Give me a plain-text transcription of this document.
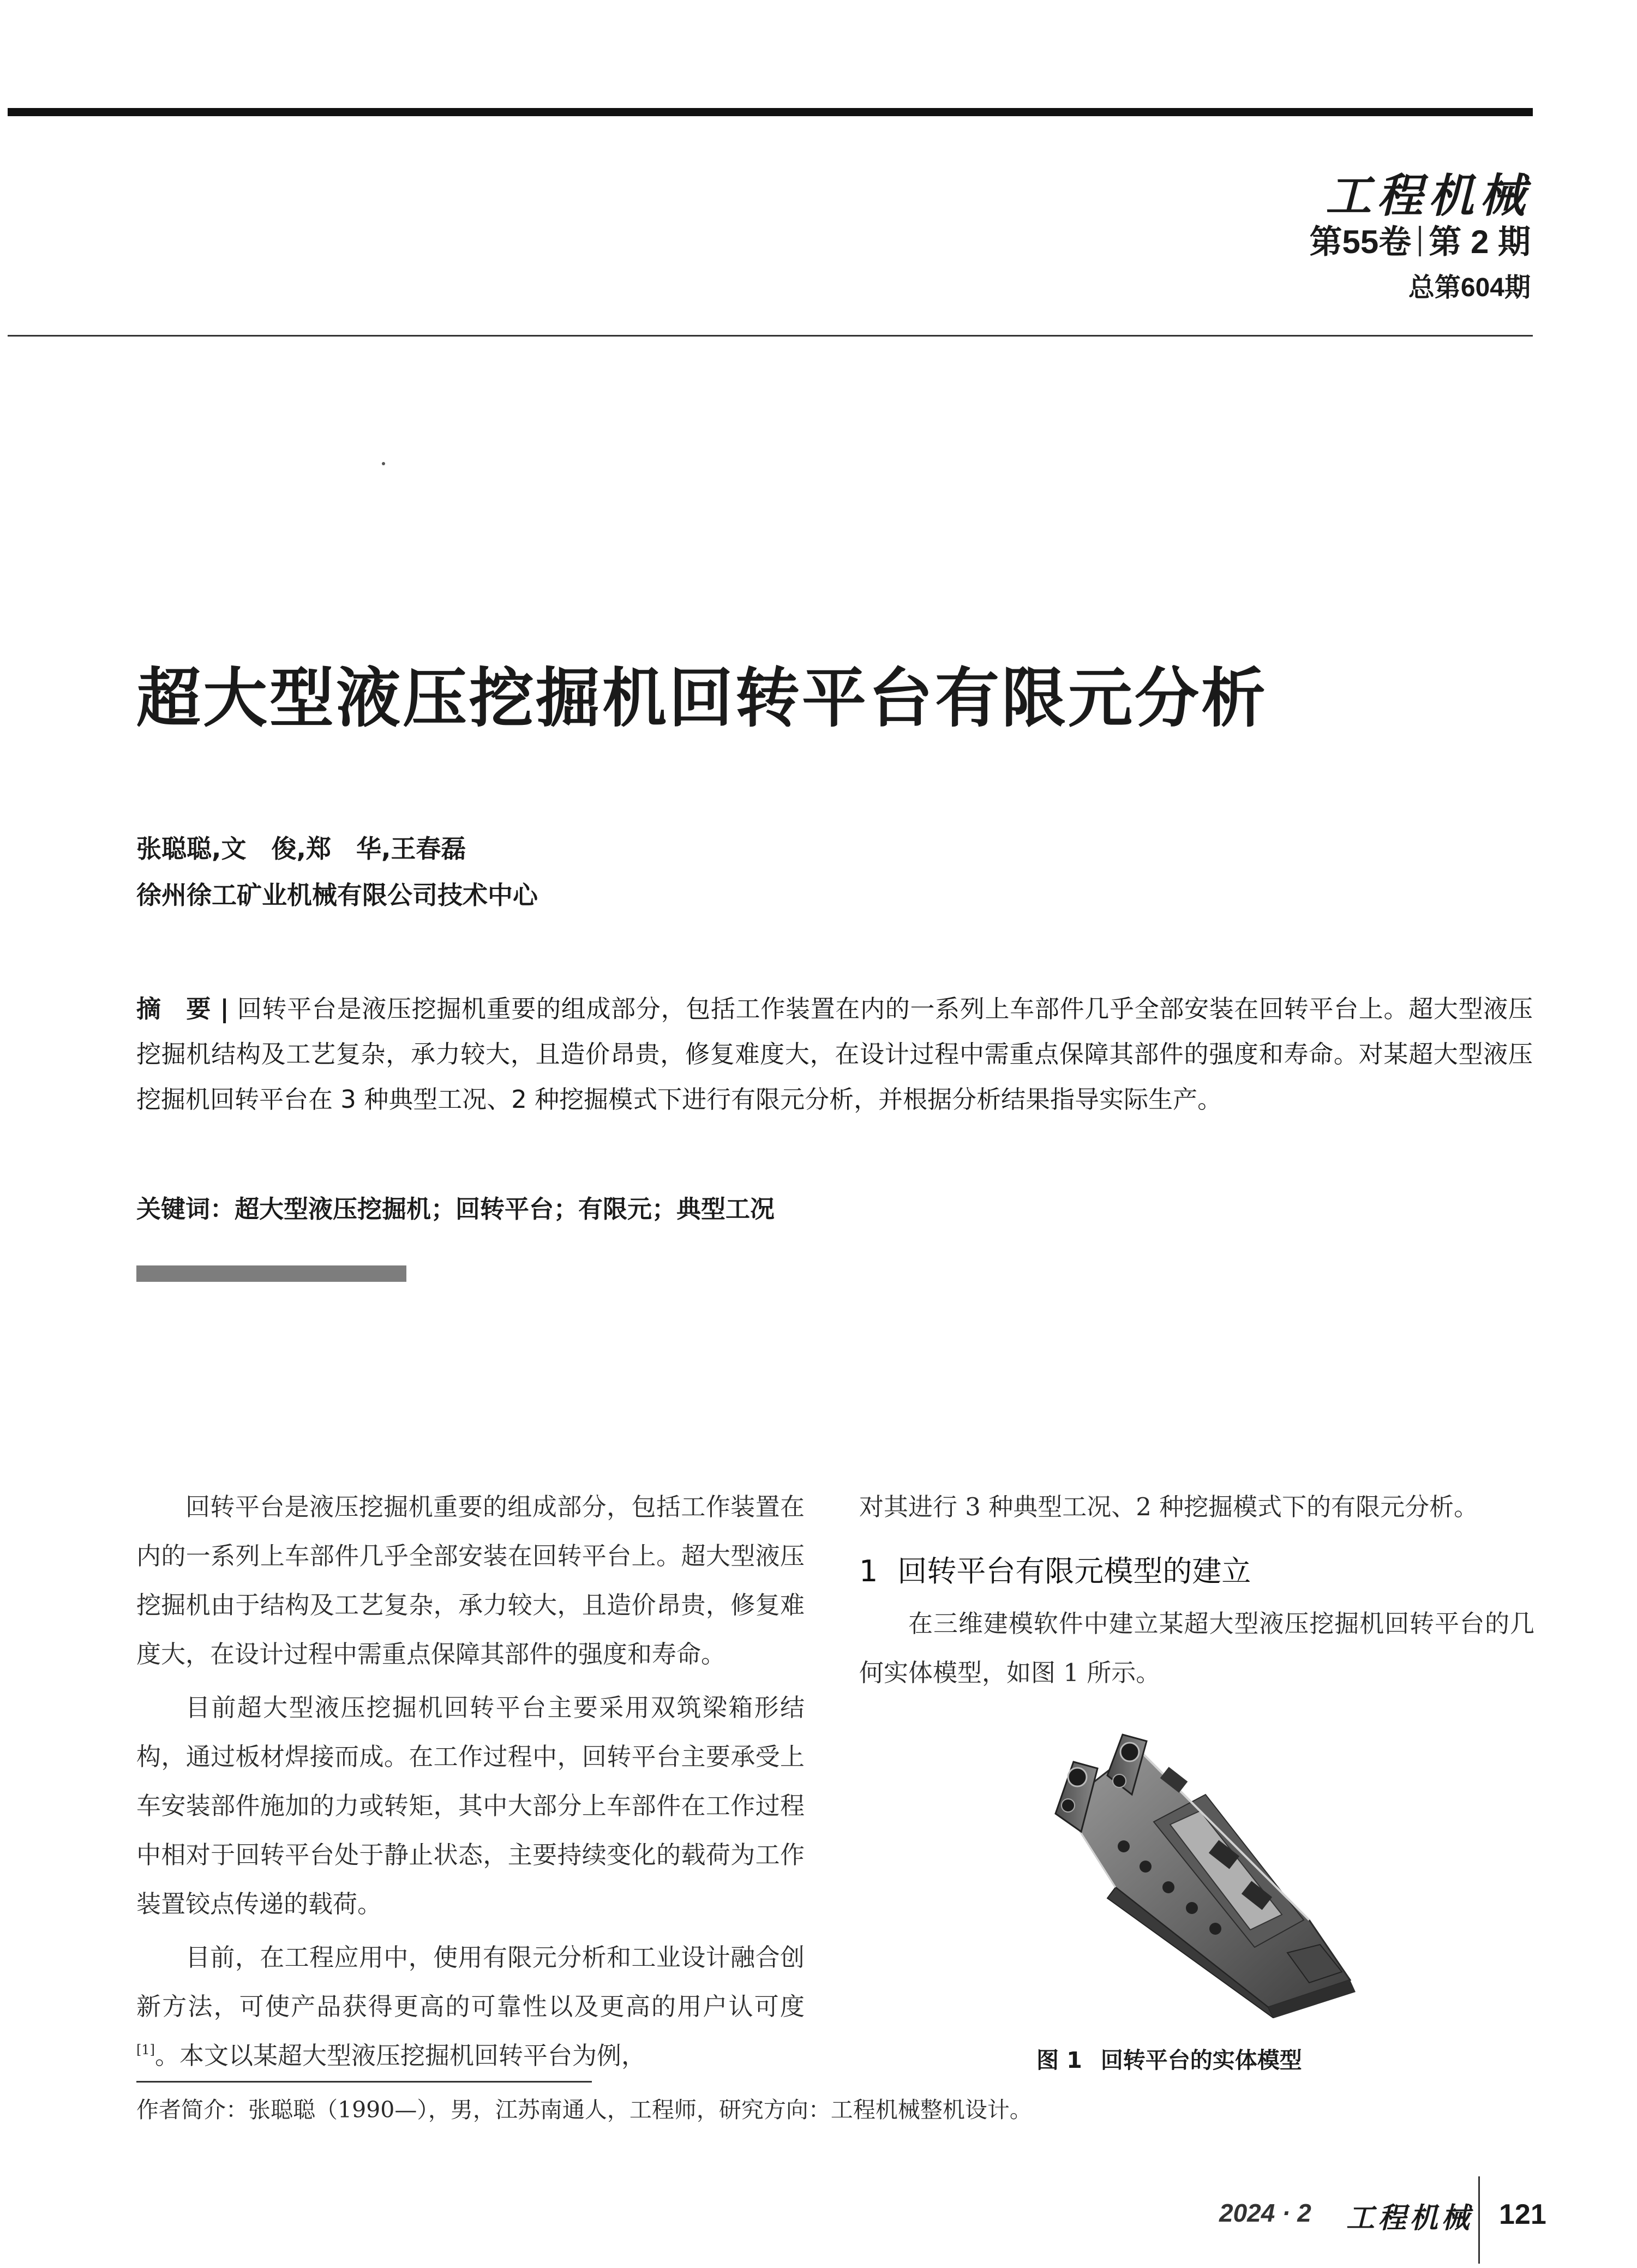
工程机械
第55卷 第 2 期
总第604期
超大型液压挖掘机回转平台有限元分析
张聪聪,文　俊,郑　华,王春磊
徐州徐工矿业机械有限公司技术中心
摘　要 | 回转平台是液压挖掘机重要的组成部分，包括工作装置在内的一系列上车部件几乎全部安装在回转平台上。超大型液压挖掘机结构及工艺复杂，承力较大，且造价昂贵，修复难度大，在设计过程中需重点保障其部件的强度和寿命。对某超大型液压挖掘机回转平台在 3 种典型工况、2 种挖掘模式下进行有限元分析，并根据分析结果指导实际生产。
关键词：超大型液压挖掘机；回转平台；有限元；典型工况

回转平台是液压挖掘机重要的组成部分，包括工作装置在内的一系列上车部件几乎全部安装在回转平台上。超大型液压挖掘机由于结构及工艺复杂，承力较大，且造价昂贵，修复难度大，在设计过程中需重点保障其部件的强度和寿命。

目前超大型液压挖掘机回转平台主要采用双筑梁箱形结构，通过板材焊接而成。在工作过程中，回转平台主要承受上车安装部件施加的力或转矩，其中大部分上车部件在工作过程中相对于回转平台处于静止状态，主要持续变化的载荷为工作装置铰点传递的载荷。

目前，在工程应用中，使用有限元分析和工业设计融合创新方法，可使产品获得更高的可靠性以及更高的用户认可度[1]。本文以某超大型液压挖掘机回转平台为例，

对其进行 3 种典型工况、2 种挖掘模式下的有限元分析。

1 回转平台有限元模型的建立

在三维建模软件中建立某超大型液压挖掘机回转平台的几何实体模型，如图 1 所示。

图 1 回转平台的实体模型
作者简介：张聪聪（1990—），男，江苏南通人，工程师，研究方向：工程机械整机设计。
2024 · 2 工程机械 121
